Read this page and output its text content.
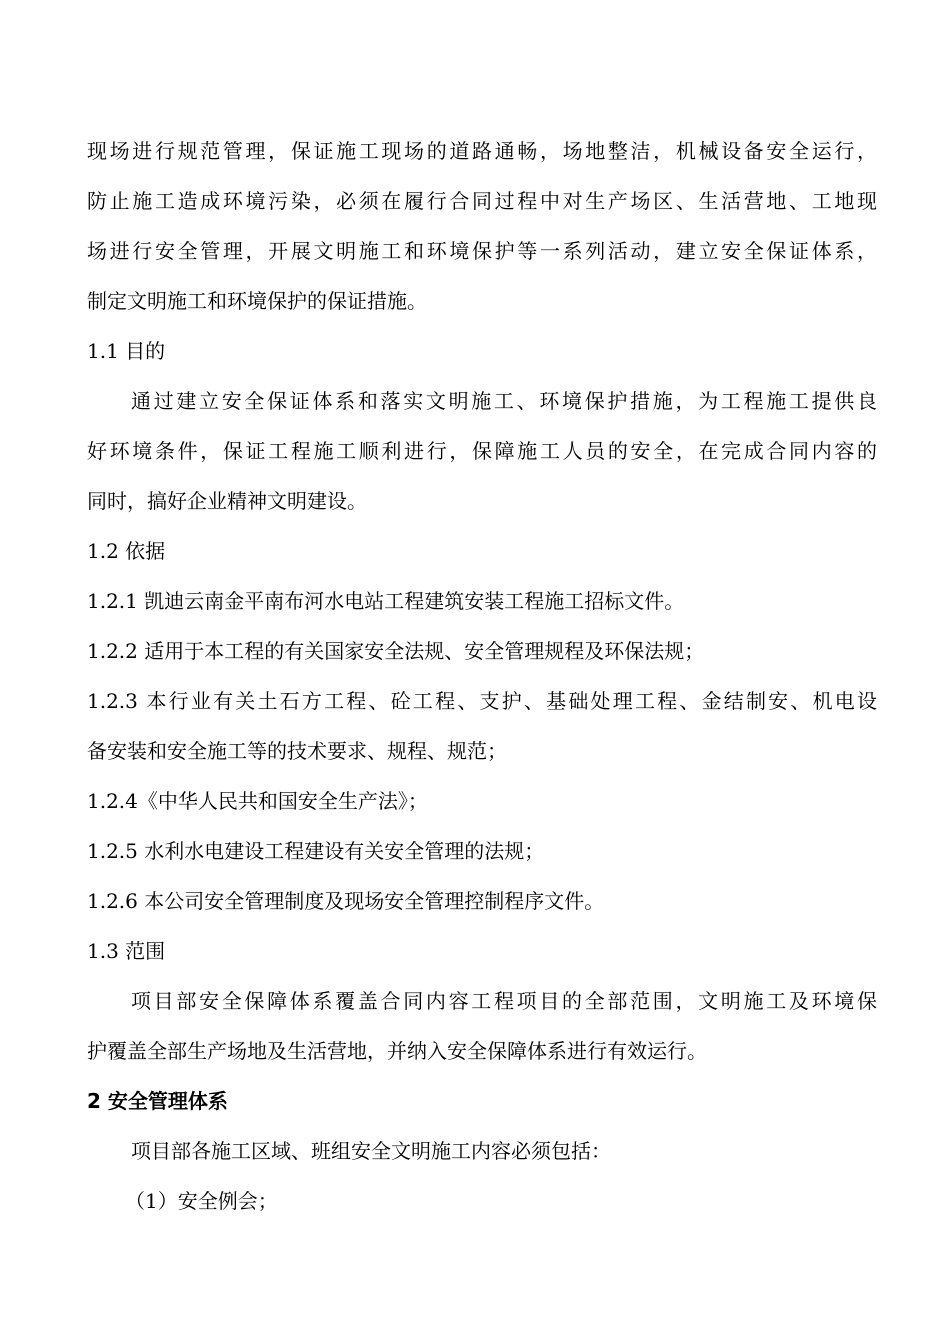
现场进行规范管理，保证施工现场的道路通畅，场地整洁，机械设备安全运行，
防止施工造成环境污染，必须在履行合同过程中对生产场区、生活营地、工地现
场进行安全管理，开展文明施工和环境保护等一系列活动，建立安全保证体系，
制定文明施工和环境保护的保证措施。
1.1 目的
通过建立安全保证体系和落实文明施工、环境保护措施，为工程施工提供良
好环境条件，保证工程施工顺利进行，保障施工人员的安全，在完成合同内容的
同时，搞好企业精神文明建设。
1.2 依据
1.2.1 凯迪云南金平南布河水电站工程建筑安装工程施工招标文件。
1.2.2 适用于本工程的有关国家安全法规、安全管理规程及环保法规；
1.2.3 本行业有关土石方工程、砼工程、支护、基础处理工程、金结制安、机电设
备安装和安全施工等的技术要求、规程、规范；
1.2.4《中华人民共和国安全生产法》；
1.2.5 水利水电建设工程建设有关安全管理的法规；
1.2.6 本公司安全管理制度及现场安全管理控制程序文件。
1.3 范围
项目部安全保障体系覆盖合同内容工程项目的全部范围，文明施工及环境保
护覆盖全部生产场地及生活营地，并纳入安全保障体系进行有效运行。
2 安全管理体系
项目部各施工区域、班组安全文明施工内容必须包括：
（1）安全例会；
